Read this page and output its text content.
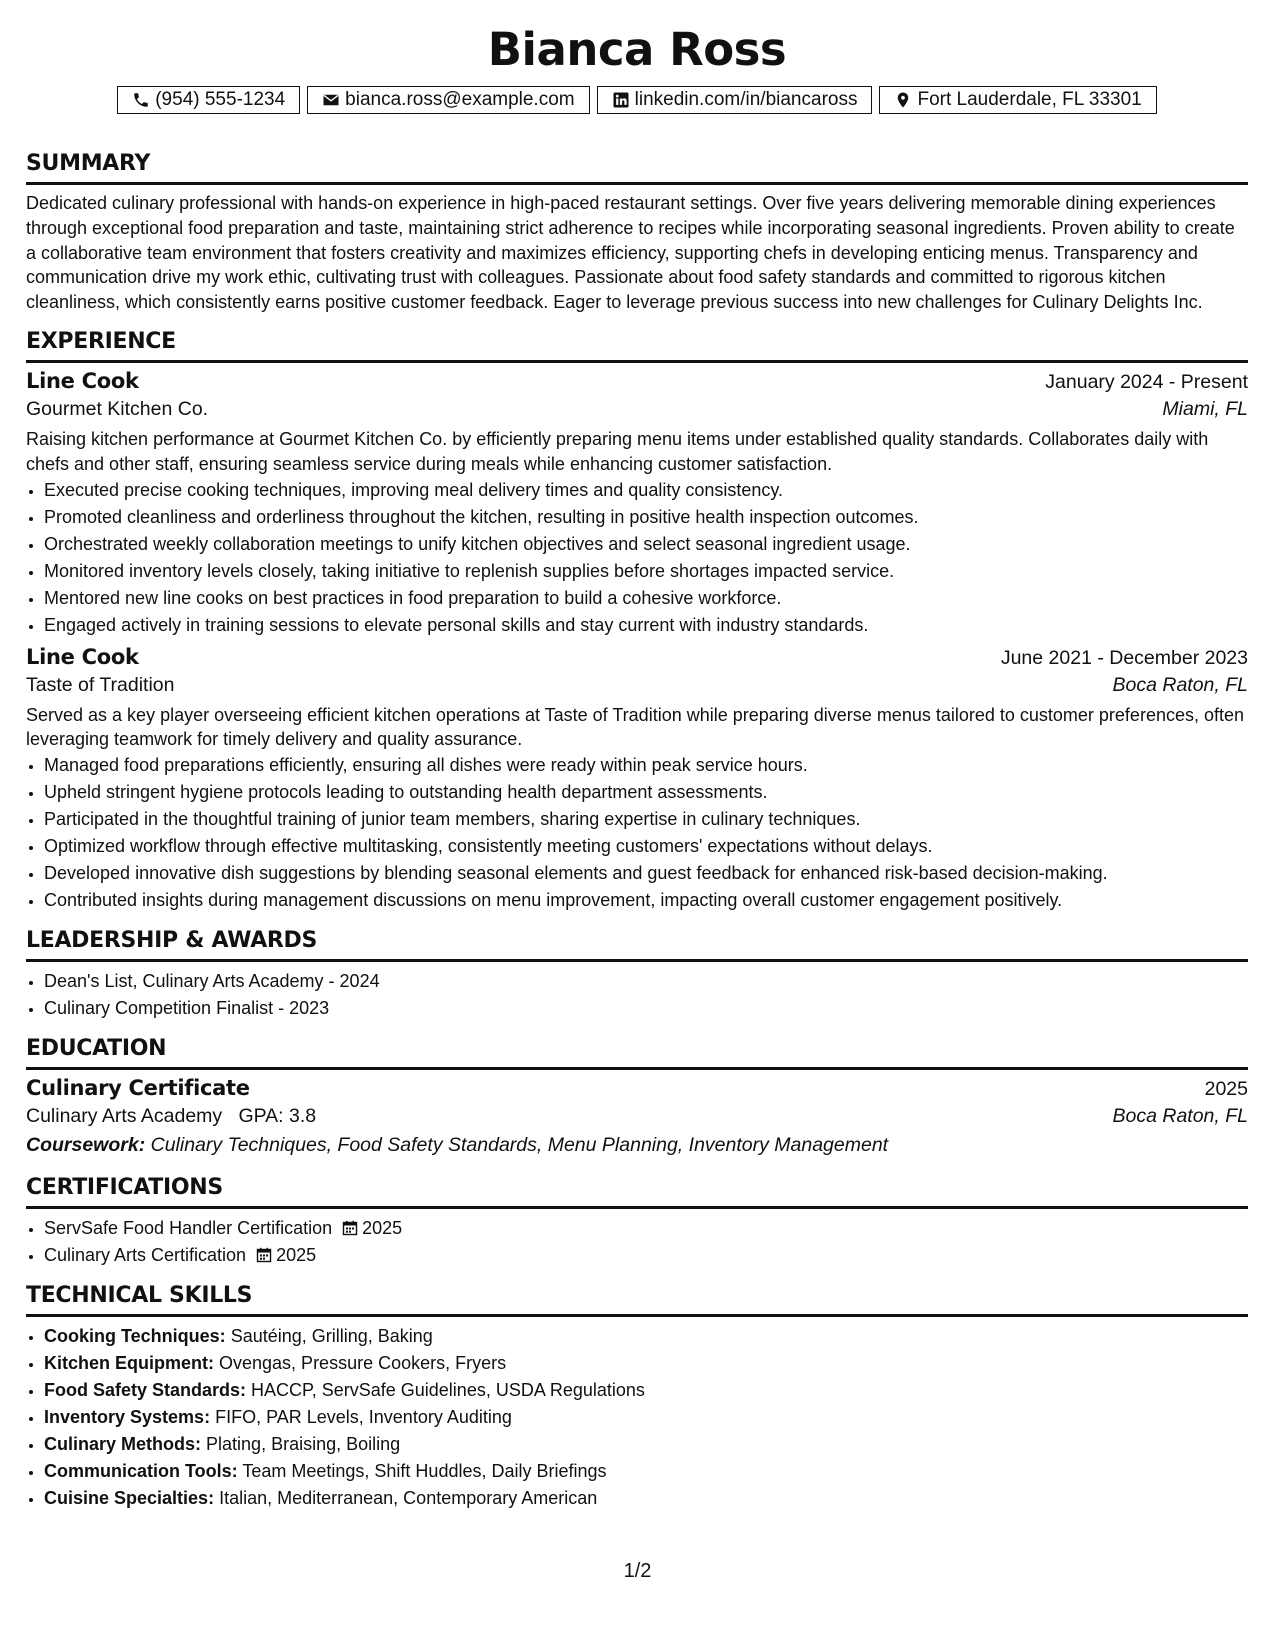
Bianca Ross
(954) 555-1234	bianca.ross@example.com	linkedin.com/in/biancaross	Fort Lauderdale, FL 33301
SUMMARY
Dedicated culinary professional with hands-on experience in high-paced restaurant settings. Over five years delivering memorable dining experiences through exceptional food preparation and taste, maintaining strict adherence to recipes while incorporating seasonal ingredients. Proven ability to create a collaborative team environment that fosters creativity and maximizes efficiency, supporting chefs in developing enticing menus. Transparency and communication drive my work ethic, cultivating trust with colleagues. Passionate about food safety standards and committed to rigorous kitchen cleanliness, which consistently earns positive customer feedback. Eager to leverage previous success into new challenges for Culinary Delights Inc.
EXPERIENCE
Line Cook	January 2024 - Present
Gourmet Kitchen Co.	Miami, FL
Raising kitchen performance at Gourmet Kitchen Co. by efficiently preparing menu items under established quality standards. Collaborates daily with chefs and other staff, ensuring seamless service during meals while enhancing customer satisfaction.
• Executed precise cooking techniques, improving meal delivery times and quality consistency.
• Promoted cleanliness and orderliness throughout the kitchen, resulting in positive health inspection outcomes.
• Orchestrated weekly collaboration meetings to unify kitchen objectives and select seasonal ingredient usage.
• Monitored inventory levels closely, taking initiative to replenish supplies before shortages impacted service.
• Mentored new line cooks on best practices in food preparation to build a cohesive workforce.
• Engaged actively in training sessions to elevate personal skills and stay current with industry standards.
Line Cook	June 2021 - December 2023
Taste of Tradition	Boca Raton, FL
Served as a key player overseeing efficient kitchen operations at Taste of Tradition while preparing diverse menus tailored to customer preferences, often leveraging teamwork for timely delivery and quality assurance.
• Managed food preparations efficiently, ensuring all dishes were ready within peak service hours.
• Upheld stringent hygiene protocols leading to outstanding health department assessments.
• Participated in the thoughtful training of junior team members, sharing expertise in culinary techniques.
• Optimized workflow through effective multitasking, consistently meeting customers' expectations without delays.
• Developed innovative dish suggestions by blending seasonal elements and guest feedback for enhanced risk-based decision-making.
• Contributed insights during management discussions on menu improvement, impacting overall customer engagement positively.
LEADERSHIP & AWARDS
• Dean's List, Culinary Arts Academy - 2024
• Culinary Competition Finalist - 2023
EDUCATION
Culinary Certificate	2025
Culinary Arts Academy GPA: 3.8	Boca Raton, FL
Coursework: Culinary Techniques, Food Safety Standards, Menu Planning, Inventory Management
CERTIFICATIONS
• ServSafe Food Handler Certification 2025
• Culinary Arts Certification 2025
TECHNICAL SKILLS
• Cooking Techniques: Sautéing, Grilling, Baking
• Kitchen Equipment: Ovengas, Pressure Cookers, Fryers
• Food Safety Standards: HACCP, ServSafe Guidelines, USDA Regulations
• Inventory Systems: FIFO, PAR Levels, Inventory Auditing
• Culinary Methods: Plating, Braising, Boiling
• Communication Tools: Team Meetings, Shift Huddles, Daily Briefings
• Cuisine Specialties: Italian, Mediterranean, Contemporary American
1/2
